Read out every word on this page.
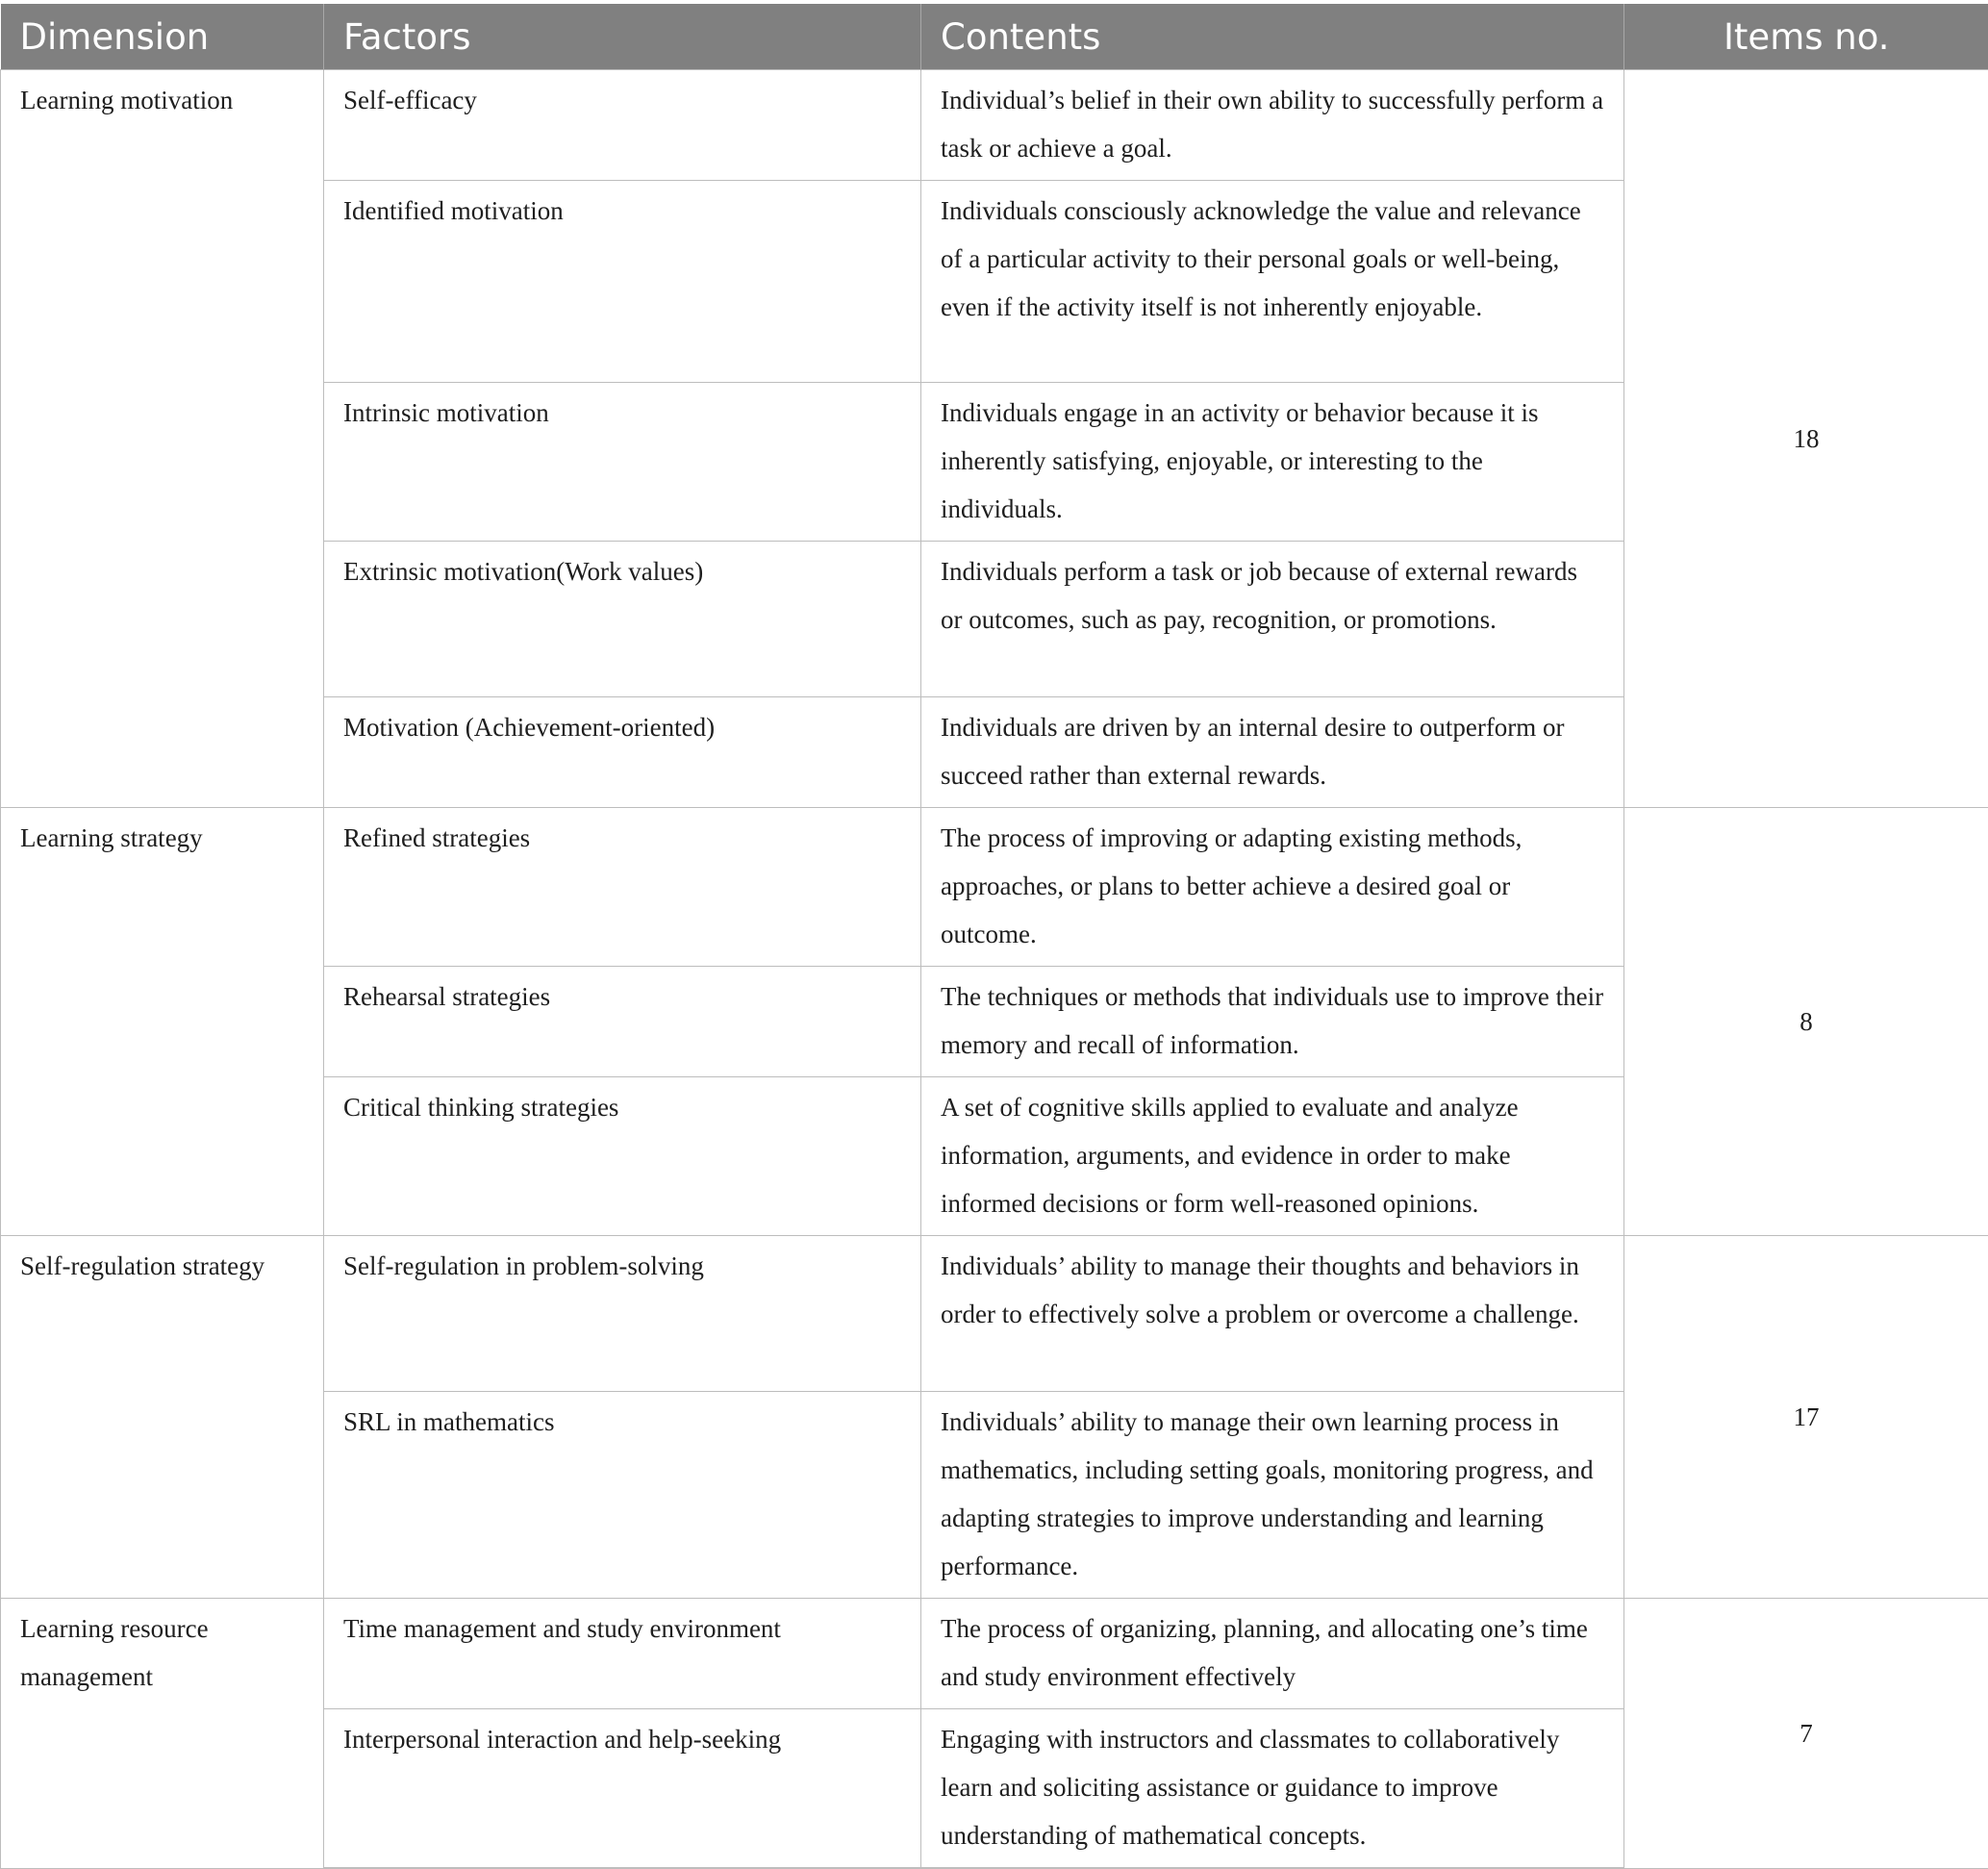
Dimension	Factors	Contents	Items no.
Learning motivation	Self-efficacy	Individual’s belief in their own ability to successfully perform a task or achieve a goal.	18
	Identified motivation	Individuals consciously acknowledge the value and relevance of a particular activity to their personal goals or well-being, even if the activity itself is not inherently enjoyable.	
	Intrinsic motivation	Individuals engage in an activity or behavior because it is inherently satisfying, enjoyable, or interesting to the individuals.	
	Extrinsic motivation(Work values)	Individuals perform a task or job because of external rewards or outcomes, such as pay, recognition, or promotions.	
	Motivation (Achievement-oriented)	Individuals are driven by an internal desire to outperform or succeed rather than external rewards.	
Learning strategy	Refined strategies	The process of improving or adapting existing methods, approaches, or plans to better achieve a desired goal or outcome.	8
	Rehearsal strategies	The techniques or methods that individuals use to improve their memory and recall of information.	
	Critical thinking strategies	A set of cognitive skills applied to evaluate and analyze information, arguments, and evidence in order to make informed decisions or form well-reasoned opinions.	
Self-regulation strategy	Self-regulation in problem-solving	Individuals’ ability to manage their thoughts and behaviors in order to effectively solve a problem or overcome a challenge.	17
	SRL in mathematics	Individuals’ ability to manage their own learning process in mathematics, including setting goals, monitoring progress, and adapting strategies to improve understanding and learning performance.	
Learning resource management	Time management and study environment	The process of organizing, planning, and allocating one’s time and study environment effectively	7
	Interpersonal interaction and help-seeking	Engaging with instructors and classmates to collaboratively learn and soliciting assistance or guidance to improve understanding of mathematical concepts.	
